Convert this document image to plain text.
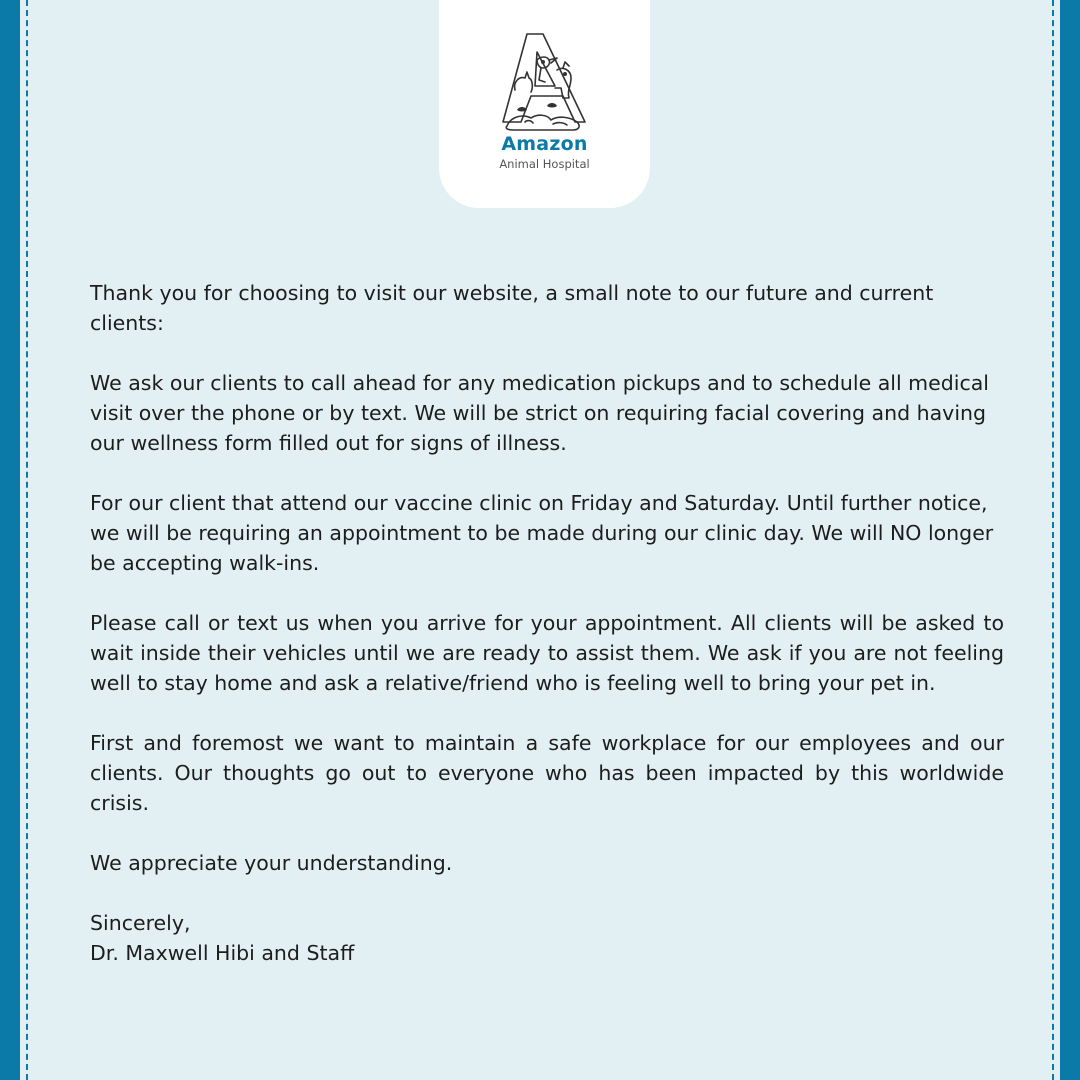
Amazon
Animal Hospital

Thank you for choosing to visit our website, a small note to our future and current clients:

We ask our clients to call ahead for any medication pickups and to schedule all medical visit over the phone or by text. We will be strict on requiring facial covering and having our wellness form filled out for signs of illness.

For our client that attend our vaccine clinic on Friday and Saturday. Until further notice, we will be requiring an appointment to be made during our clinic day. We will NO longer be accepting walk-ins.

Please call or text us when you arrive for your appointment. All clients will be asked to wait inside their vehicles until we are ready to assist them. We ask if you are not feeling well to stay home and ask a relative/friend who is feeling well to bring your pet in.

First and foremost we want to maintain a safe workplace for our employees and our clients. Our thoughts go out to everyone who has been impacted by this worldwide crisis.

We appreciate your understanding.

Sincerely,

Dr. Maxwell Hibi and Staff
